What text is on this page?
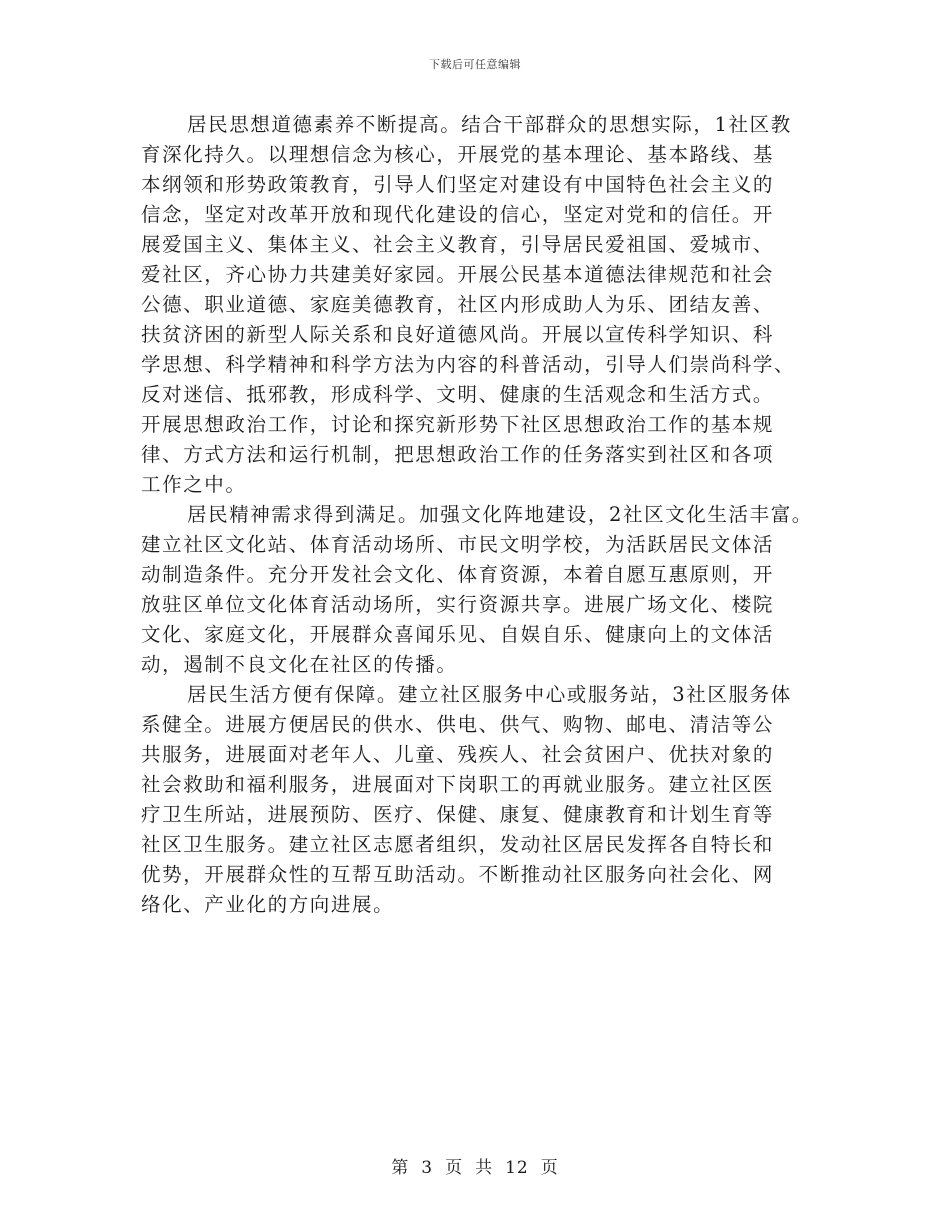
下载后可任意编辑
居民思想道德素养不断提高。结合干部群众的思想实际，1社区教
育深化持久。以理想信念为核心，开展党的基本理论、基本路线、基
本纲领和形势政策教育，引导人们坚定对建设有中国特色社会主义的
信念，坚定对改革开放和现代化建设的信心，坚定对党和的信任。开
展爱国主义、集体主义、社会主义教育，引导居民爱祖国、爱城市、
爱社区，齐心协力共建美好家园。开展公民基本道德法律规范和社会
公德、职业道德、家庭美德教育，社区内形成助人为乐、团结友善、
扶贫济困的新型人际关系和良好道德风尚。开展以宣传科学知识、科
学思想、科学精神和科学方法为内容的科普活动，引导人们崇尚科学、
反对迷信、抵邪教，形成科学、文明、健康的生活观念和生活方式。
开展思想政治工作，讨论和探究新形势下社区思想政治工作的基本规
律、方式方法和运行机制，把思想政治工作的任务落实到社区和各项
工作之中。
居民精神需求得到满足。加强文化阵地建设，2社区文化生活丰富。
建立社区文化站、体育活动场所、市民文明学校，为活跃居民文体活
动制造条件。充分开发社会文化、体育资源，本着自愿互惠原则，开
放驻区单位文化体育活动场所，实行资源共享。进展广场文化、楼院
文化、家庭文化，开展群众喜闻乐见、自娱自乐、健康向上的文体活
动，遏制不良文化在社区的传播。
居民生活方便有保障。建立社区服务中心或服务站，3社区服务体
系健全。进展方便居民的供水、供电、供气、购物、邮电、清洁等公
共服务，进展面对老年人、儿童、残疾人、社会贫困户、优扶对象的
社会救助和福利服务，进展面对下岗职工的再就业服务。建立社区医
疗卫生所站，进展预防、医疗、保健、康复、健康教育和计划生育等
社区卫生服务。建立社区志愿者组织，发动社区居民发挥各自特长和
优势，开展群众性的互帮互助活动。不断推动社区服务向社会化、网
络化、产业化的方向进展。
第 3 页 共 12 页
